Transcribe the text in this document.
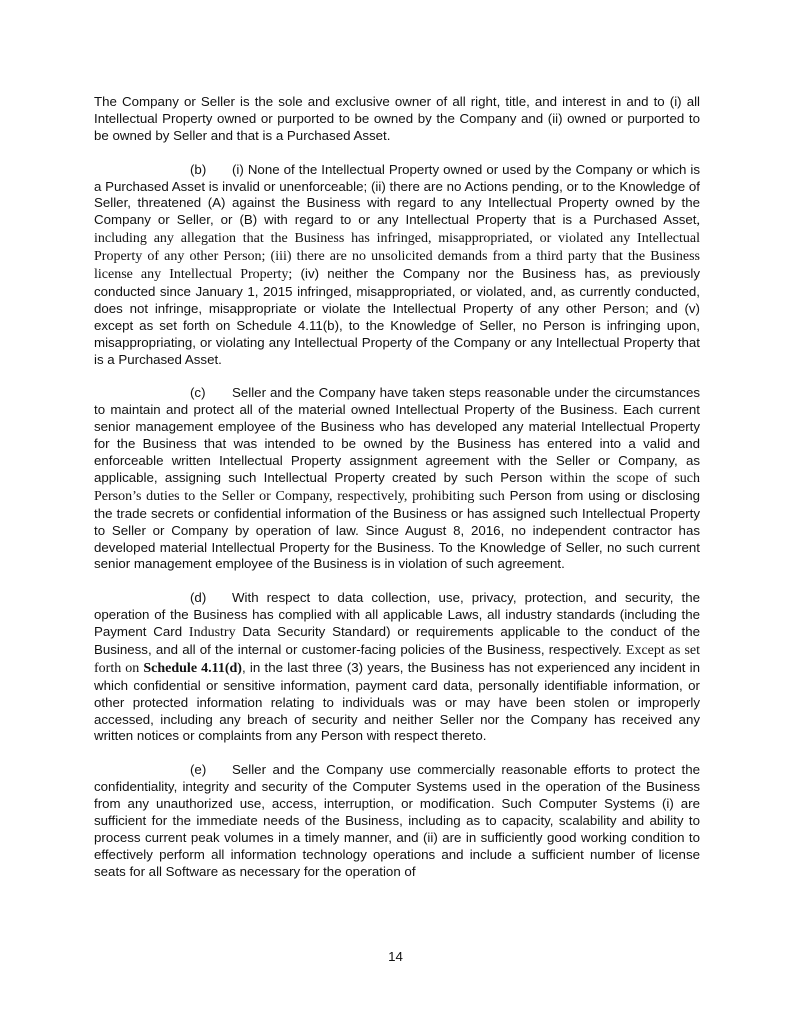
The Company or Seller is the sole and exclusive owner of all right, title, and interest in and to (i) all Intellectual Property owned or purported to be owned by the Company and (ii) owned or purported to be owned by Seller and that is a Purchased Asset.

(b) (i) None of the Intellectual Property owned or used by the Company or which is a Purchased Asset is invalid or unenforceable; (ii) there are no Actions pending, or to the Knowledge of Seller, threatened (A) against the Business with regard to any Intellectual Property owned by the Company or Seller, or (B) with regard to or any Intellectual Property that is a Purchased Asset, including any allegation that the Business has infringed, misappropriated, or violated any Intellectual Property of any other Person; (iii) there are no unsolicited demands from a third party that the Business license any Intellectual Property; (iv) neither the Company nor the Business has, as previously conducted since January 1, 2015 infringed, misappropriated, or violated, and, as currently conducted, does not infringe, misappropriate or violate the Intellectual Property of any other Person; and (v) except as set forth on Schedule 4.11(b), to the Knowledge of Seller, no Person is infringing upon, misappropriating, or violating any Intellectual Property of the Company or any Intellectual Property that is a Purchased Asset.

(c) Seller and the Company have taken steps reasonable under the circumstances to maintain and protect all of the material owned Intellectual Property of the Business. Each current senior management employee of the Business who has developed any material Intellectual Property for the Business that was intended to be owned by the Business has entered into a valid and enforceable written Intellectual Property assignment agreement with the Seller or Company, as applicable, assigning such Intellectual Property created by such Person within the scope of such Person’s duties to the Seller or Company, respectively, prohibiting such Person from using or disclosing the trade secrets or confidential information of the Business or has assigned such Intellectual Property to Seller or Company by operation of law. Since August 8, 2016, no independent contractor has developed material Intellectual Property for the Business. To the Knowledge of Seller, no such current senior management employee of the Business is in violation of such agreement.

(d) With respect to data collection, use, privacy, protection, and security, the operation of the Business has complied with all applicable Laws, all industry standards (including the Payment Card Industry Data Security Standard) or requirements applicable to the conduct of the Business, and all of the internal or customer-facing policies of the Business, respectively. Except as set forth on Schedule 4.11(d), in the last three (3) years, the Business has not experienced any incident in which confidential or sensitive information, payment card data, personally identifiable information, or other protected information relating to individuals was or may have been stolen or improperly accessed, including any breach of security and neither Seller nor the Company has received any written notices or complaints from any Person with respect thereto.

(e) Seller and the Company use commercially reasonable efforts to protect the confidentiality, integrity and security of the Computer Systems used in the operation of the Business from any unauthorized use, access, interruption, or modification. Such Computer Systems (i) are sufficient for the immediate needs of the Business, including as to capacity, scalability and ability to process current peak volumes in a timely manner, and (ii) are in sufficiently good working condition to effectively perform all information technology operations and include a sufficient number of license seats for all Software as necessary for the operation of

14
